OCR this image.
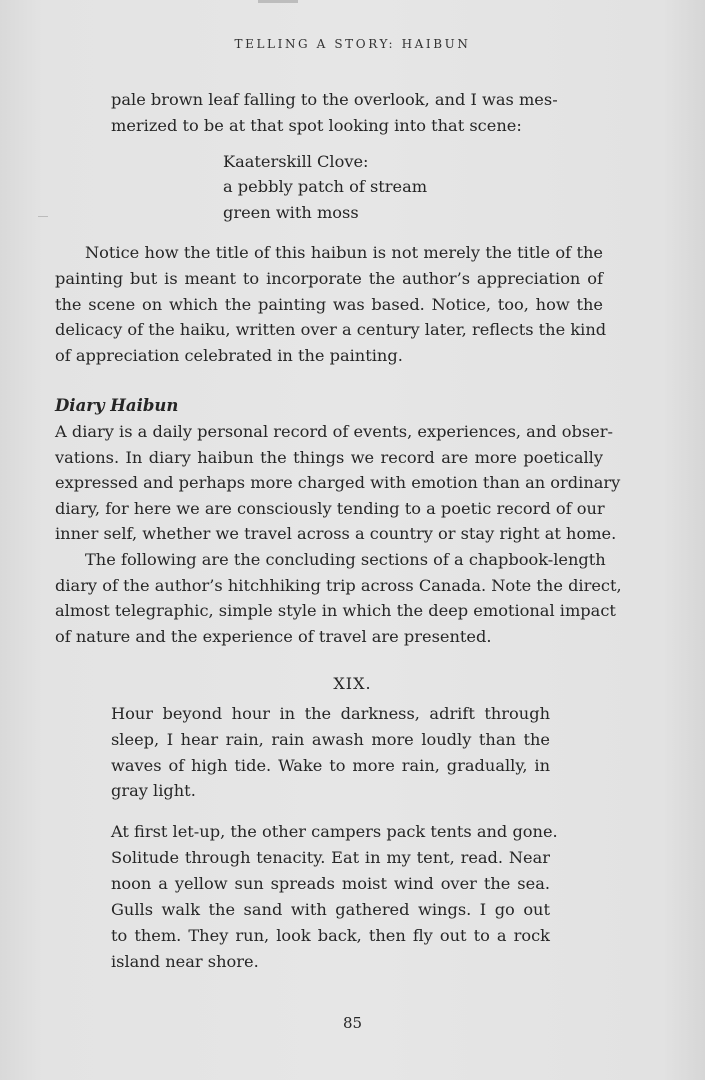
TELLING A STORY: HAIBUN
pale brown leaf falling to the overlook, and I was mes-
merized to be at that spot looking into that scene:
Kaaterskill Clove:
a pebbly patch of stream
green with moss
Notice how the title of this haibun is not merely the title of the
painting but is meant to incorporate the author’s appreciation of
the scene on which the painting was based. Notice, too, how the
delicacy of the haiku, written over a century later, reflects the kind
of appreciation celebrated in the painting.
Diary Haibun
A diary is a daily personal record of events, experiences, and obser-
vations. In diary haibun the things we record are more poetically
expressed and perhaps more charged with emotion than an ordinary
diary, for here we are consciously tending to a poetic record of our
inner self, whether we travel across a country or stay right at home.
The following are the concluding sections of a chapbook-length
diary of the author’s hitchhiking trip across Canada. Note the direct,
almost telegraphic, simple style in which the deep emotional impact
of nature and the experience of travel are presented.
XIX.
Hour beyond hour in the darkness, adrift through
sleep, I hear rain, rain awash more loudly than the
waves of high tide. Wake to more rain, gradually, in
gray light.
At first let-up, the other campers pack tents and gone.
Solitude through tenacity. Eat in my tent, read. Near
noon a yellow sun spreads moist wind over the sea.
Gulls walk the sand with gathered wings. I go out
to them. They run, look back, then fly out to a rock
island near shore.
85
